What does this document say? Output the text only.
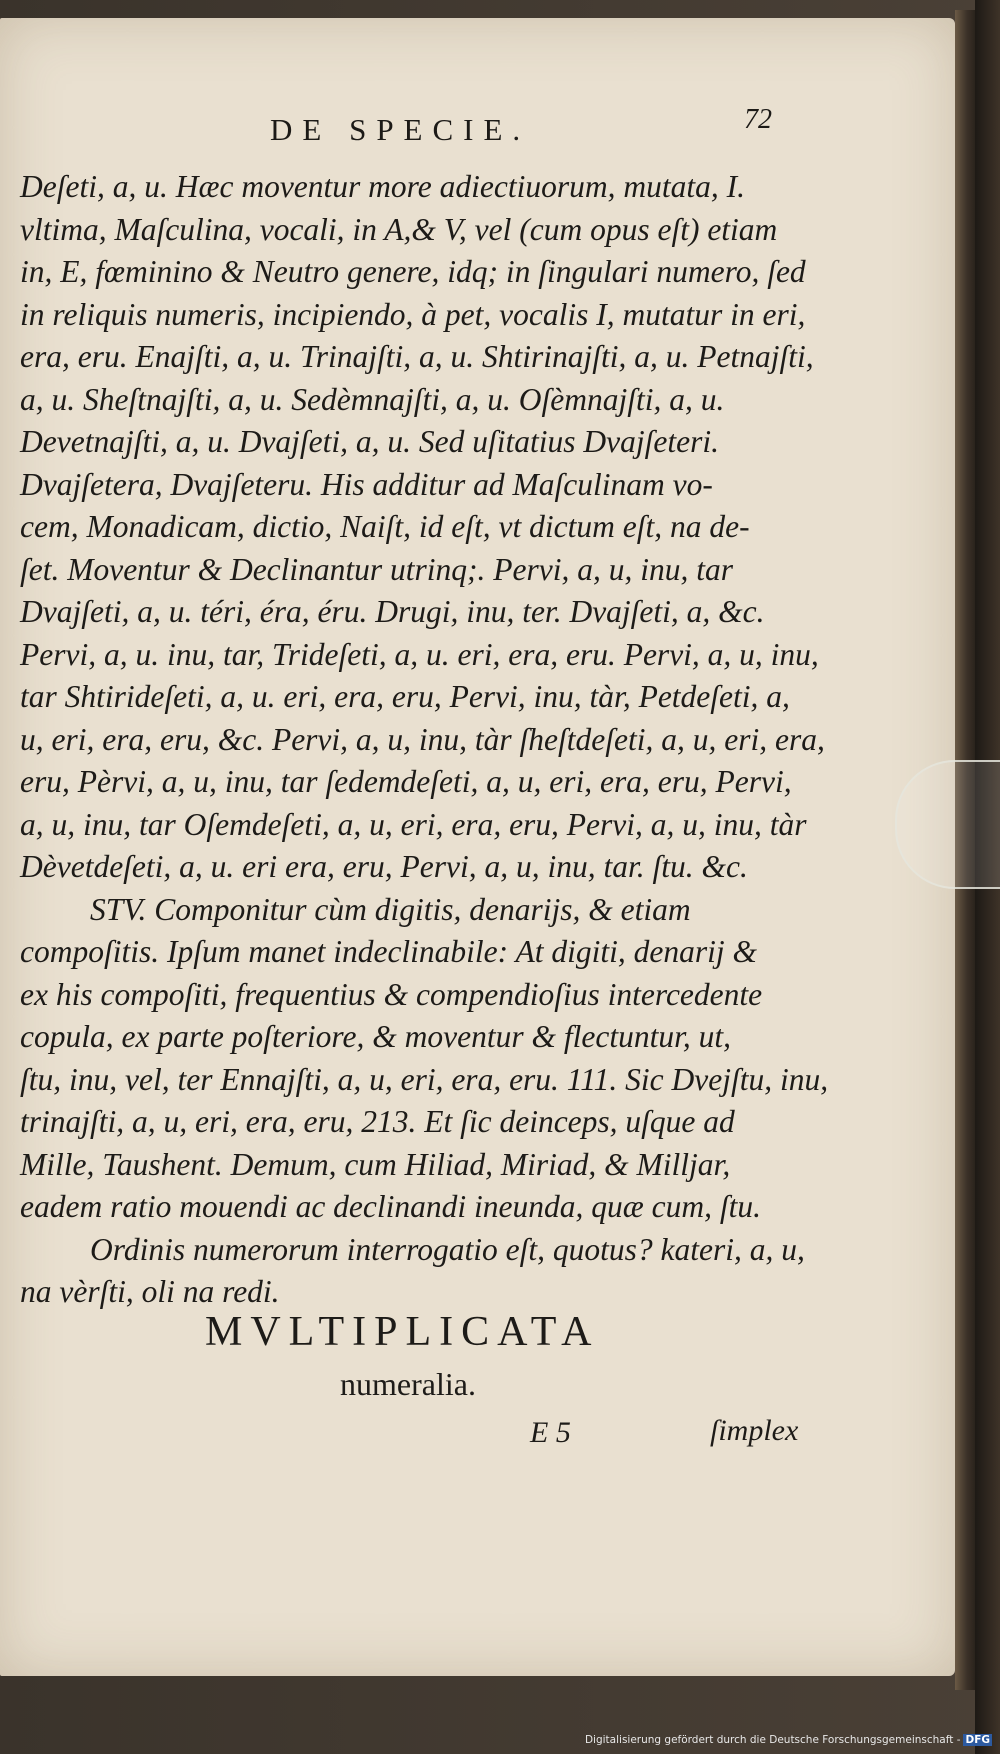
DE SPECIE.	72
Deſeti, a, u. Hæc moventur more adiectiuorum, mutata, I.
vltima, Maſculina, vocali, in A,& V, vel (cum opus eſt) etiam
in, E, fœminino & Neutro genere, idq; in ſingulari numero, ſed
in reliquis numeris, incipiendo, à pet, vocalis I, mutatur in eri,
era, eru. Enajſti, a, u. Trinajſti, a, u. Shtirinajſti, a, u. Petnajſti,
a, u. Sheſtnajſti, a, u. Sedèmnajſti, a, u. Oſèmnajſti, a, u.
Devetnajſti, a, u. Dvajſeti, a, u. Sed uſitatius Dvajſeteri.
Dvajſetera, Dvajſeteru. His additur ad Maſculinam vo-
cem, Monadicam, dictio, Naiſt, id eſt, vt dictum eſt, na de-
ſet. Moventur & Declinantur utrinq;. Pervi, a, u, inu, tar
Dvajſeti, a, u. téri, éra, éru. Drugi, inu, ter. Dvajſeti, a, &c.
Pervi, a, u. inu, tar, Trideſeti, a, u. eri, era, eru. Pervi, a, u, inu,
tar Shtirideſeti, a, u. eri, era, eru, Pervi, inu, tàr, Petdeſeti, a,
u, eri, era, eru, &c. Pervi, a, u, inu, tàr ſheſtdeſeti, a, u, eri, era,
eru, Pèrvi, a, u, inu, tar ſedemdeſeti, a, u, eri, era, eru, Pervi,
a, u, inu, tar Oſemdeſeti, a, u, eri, era, eru, Pervi, a, u, inu, tàr
Dèvetdeſeti, a, u. eri era, eru, Pervi, a, u, inu, tar. ſtu. &c.
STV. Componitur cùm digitis, denarijs, & etiam
compoſitis. Ipſum manet indeclinabile: At digiti, denarij &
ex his compoſiti, frequentius & compendioſius intercedente
copula, ex parte poſteriore, & moventur & flectuntur, ut,
ſtu, inu, vel, ter Ennajſti, a, u, eri, era, eru. 111. Sic Dvejſtu, inu,
trinajſti, a, u, eri, era, eru, 213. Et ſic deinceps, uſque ad
Mille, Taushent. Demum, cum Hiliad, Miriad, & Milljar,
eadem ratio mouendi ac declinandi ineunda, quæ cum, ſtu.
Ordinis numerorum interrogatio eſt, quotus? kateri, a, u,
na vèrſti, oli na redi.
MVLTIPLICATA
numeralia.
E 5	ſimplex
Digitalisierung gefördert durch die Deutsche Forschungsgemeinschaft - DFG
